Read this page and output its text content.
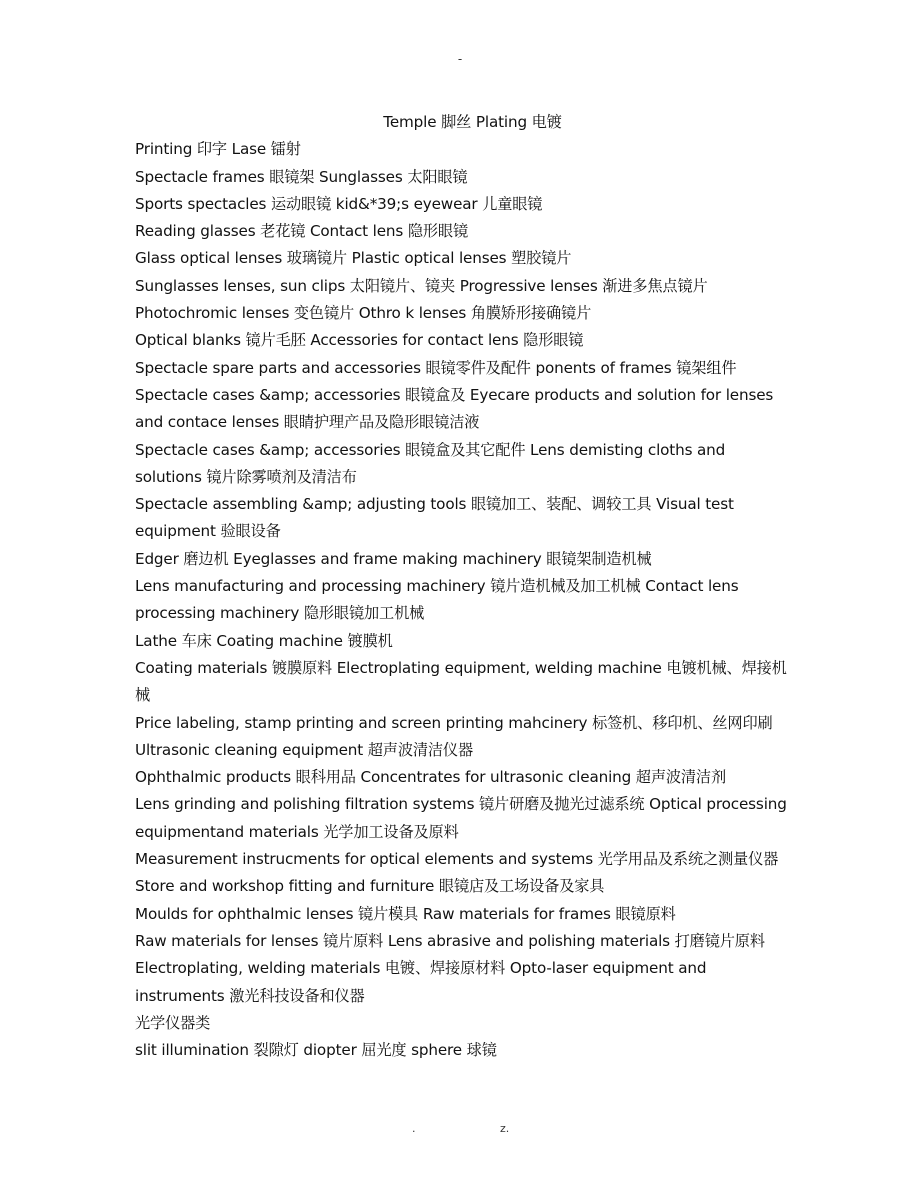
-
Temple 脚丝 Plating 电镀
Printing 印字 Lase 镭射
Spectacle frames 眼镜架 Sunglasses 太阳眼镜
Sports spectacles 运动眼镜 kid&*39;s eyewear 儿童眼镜
Reading glasses 老花镜 Contact lens 隐形眼镜
Glass optical lenses 玻璃镜片 Plastic optical lenses 塑胶镜片
Sunglasses lenses, sun clips 太阳镜片、镜夹 Progressive lenses 渐进多焦点镜片
Photochromic lenses 变色镜片 Othro k lenses 角膜矫形接确镜片
Optical blanks 镜片毛胚 Accessories for contact lens 隐形眼镜
Spectacle spare parts and accessories 眼镜零件及配件 ponents of frames 镜架组件
Spectacle cases &amp; accessories 眼镜盒及 Eyecare products and solution for lenses and contace lenses 眼睛护理产品及隐形眼镜洁液
Spectacle cases &amp; accessories 眼镜盒及其它配件 Lens demisting cloths and solutions 镜片除雾喷剂及清洁布
Spectacle assembling &amp; adjusting tools 眼镜加工、装配、调较工具 Visual test equipment 验眼设备
Edger 磨边机 Eyeglasses and frame making machinery 眼镜架制造机械
Lens manufacturing and processing machinery 镜片造机械及加工机械 Contact lens processing machinery 隐形眼镜加工机械
Lathe 车床 Coating machine 镀膜机
Coating materials 镀膜原料 Electroplating equipment, welding machine 电镀机械、焊接机械
Price labeling, stamp printing and screen printing mahcinery 标签机、移印机、丝网印刷
Ultrasonic cleaning equipment 超声波清洁仪器
Ophthalmic products 眼科用品 Concentrates for ultrasonic cleaning 超声波清洁剂
Lens grinding and polishing filtration systems 镜片研磨及抛光过滤系统 Optical processing equipmentand materials 光学加工设备及原料
Measurement instrucments for optical elements and systems 光学用品及系统之测量仪器
Store and workshop fitting and furniture 眼镜店及工场设备及家具
Moulds for ophthalmic lenses 镜片模具 Raw materials for frames 眼镜原料
Raw materials for lenses 镜片原料 Lens abrasive and polishing materials 打磨镜片原料
Electroplating, welding materials 电镀、焊接原材料 Opto-laser equipment and instruments 激光科技设备和仪器
光学仪器类
slit illumination 裂隙灯 diopter 屈光度 sphere 球镜
.	z.
